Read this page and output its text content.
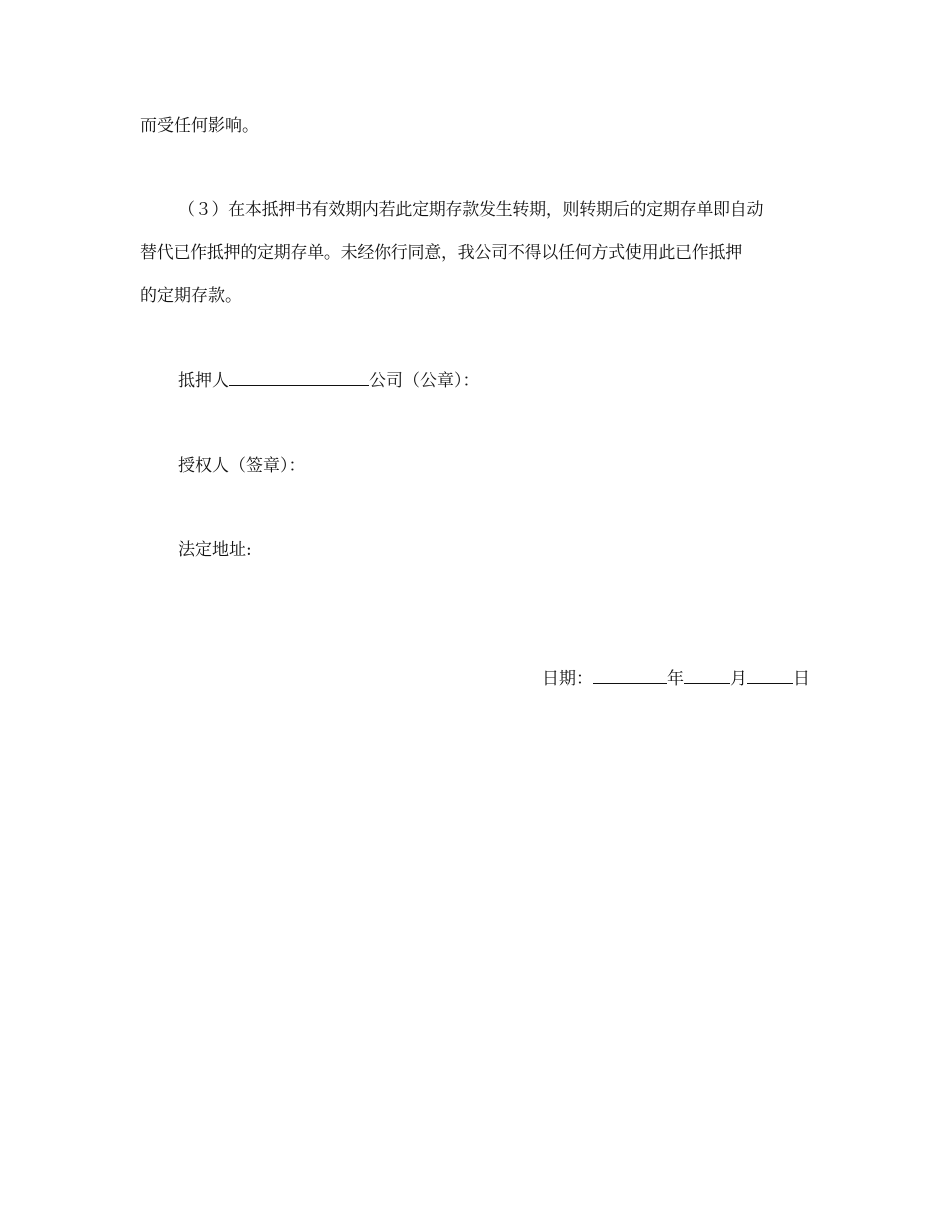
而受任何影响。
（３）在本抵押书有效期内若此定期存款发生转期，则转期后的定期存单即自动
替代已作抵押的定期存单。未经你行同意，我公司不得以任何方式使用此已作抵押
的定期存款。
抵押人	公司（公章）：
授权人（签章）：
法定地址:
日期：	年	月	日
